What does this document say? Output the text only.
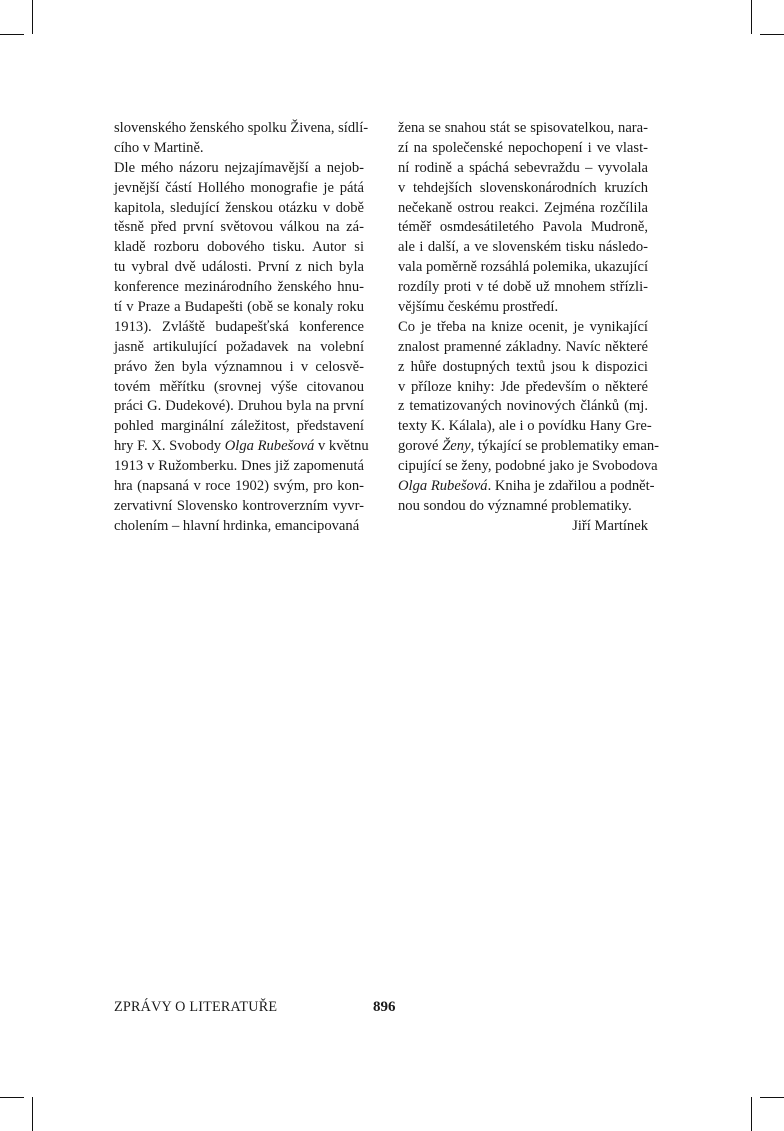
slovenského ženského spolku Živena, sídlí-
cího v Martině.
Dle mého názoru nejzajímavější a nejob-
jevnější částí Hollého monografie je pátá
kapitola, sledující ženskou otázku v době
těsně před první světovou válkou na zá-
kladě rozboru dobového tisku. Autor si
tu vybral dvě události. První z nich byla
konference mezinárodního ženského hnu-
tí v Praze a Budapešti (obě se konaly roku
1913). Zvláště budapešťská konference
jasně artikulující požadavek na volební
právo žen byla významnou i v celosvě-
tovém měřítku (srovnej výše citovanou
práci G. Dudekové). Druhou byla na první
pohled marginální záležitost, představení
hry F. X. Svobody Olga Rubešová v květnu
1913 v Ružomberku. Dnes již zapomenutá
hra (napsaná v roce 1902) svým, pro kon-
zervativní Slovensko kontroverzním vyvr-
cholením – hlavní hrdinka, emancipovaná
žena se snahou stát se spisovatelkou, nara-
zí na společenské nepochopení i ve vlast-
ní rodině a spáchá sebevraždu – vyvolala
v tehdejších slovenskonárodních kruzích
nečekaně ostrou reakci. Zejména rozčílila
téměř osmdesátiletého Pavola Mudroně,
ale i další, a ve slovenském tisku následo-
vala poměrně rozsáhlá polemika, ukazující
rozdíly proti v té době už mnohem střízli-
vějšímu českému prostředí.
Co je třeba na knize ocenit, je vynikající
znalost pramenné základny. Navíc některé
z hůře dostupných textů jsou k dispozici
v příloze knihy: Jde především o některé
z tematizovaných novinových článků (mj.
texty K. Kálala), ale i o povídku Hany Gre-
gorové Ženy, týkající se problematiky eman-
cipující se ženy, podobné jako je Svobodova
Olga Rubešová. Kniha je zdařilou a podnět-
nou sondou do významné problematiky.
Jiří Martínek
ZPRÁVY O LITERATUŘE	896
